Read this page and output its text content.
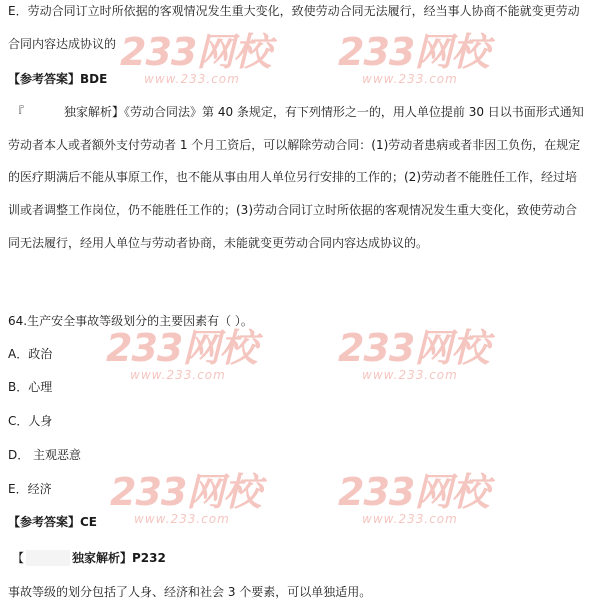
233网校
www.233.com
233网校
www.233.com
233网校
www.233.com
233网校
www.233.com
233网校
www.233.com
233网校
www.233.com
E．劳动合同订立时所依据的客观情况发生重大变化，致使劳动合同无法履行，经当事人协商不能就变更劳动
合同内容达成协议的
【参考答案】BDE
『	独家解析】《劳动合同法》第 40 条规定，有下列情形之一的，用人单位提前 30 日以书面形式通知
劳动者本人或者额外支付劳动者 1 个月工资后，可以解除劳动合同：(1)劳动者患病或者非因工负伤，在规定
的医疗期满后不能从事原工作，也不能从事由用人单位另行安排的工作的；(2)劳动者不能胜任工作，经过培
训或者调整工作岗位，仍不能胜任工作的；(3)劳动合同订立时所依据的客观情况发生重大变化，致使劳动合
同无法履行，经用人单位与劳动者协商，未能就变更劳动合同内容达成协议的。
64.生产安全事故等级划分的主要因素有（ ）。
A．政治
B．心理
C．人身
D． 主观恶意
E．经济
【参考答案】CE
【	独家解析】P232
事故等级的划分包括了人身、经济和社会 3 个要素，可以单独适用。
